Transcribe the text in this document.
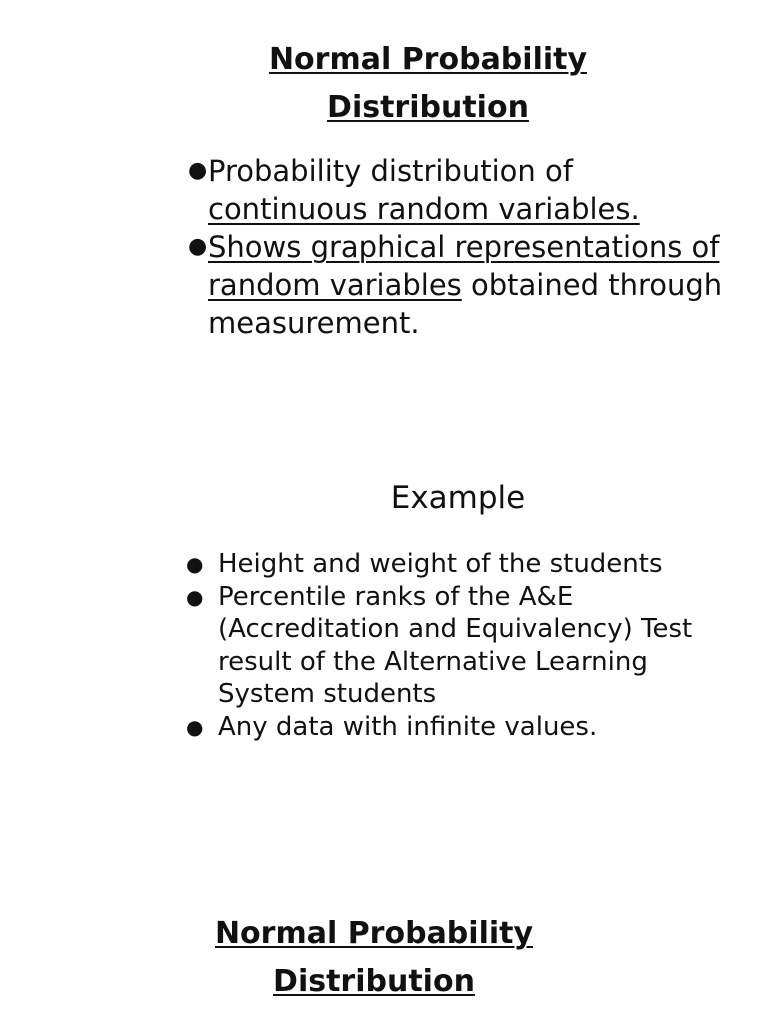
Normal Probability
Distribution
● Probability distribution of
continuous random variables.
● Shows graphical representations of
random variables obtained through
measurement.
Example
● Height and weight of the students
● Percentile ranks of the A&E (Accreditation and Equivalency) Test result of the Alternative Learning System students
● Any data with infinite values.
Normal Probability
Distribution
